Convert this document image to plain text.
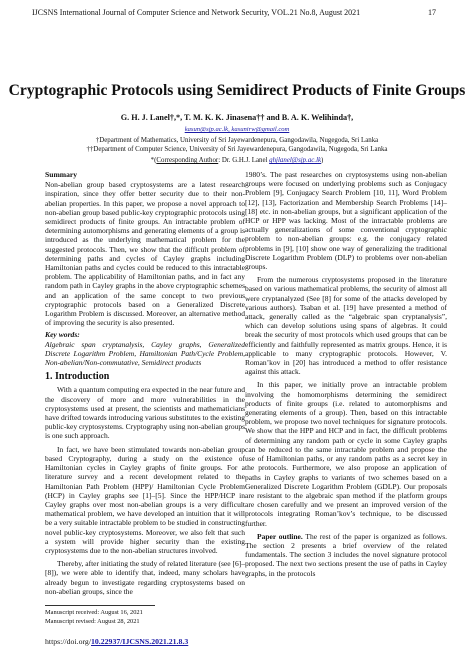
IJCSNS International Journal of Computer Science and Network Security, VOL.21 No.8, August 2021	17
Cryptographic Protocols using Semidirect Products of Finite Groups
G. H. J. Lanel†,*, T. M. K. K. Jinasena†† and B. A. K. Welihinda†,
kasun@sjp.ac.lk, kasunirw@gmail.com
†Department of Mathematics, University of Sri Jayewardenepura, Gangodawila, Nugegoda, Sri Lanka
††Department of Computer Science, University of Sri Jayewardenepura, Gangodawila, Nugegoda, Sri Lanka
*(Corresponding Author: Dr. G.H.J. Lanel ghjlanel@sjp.ac.lk)
Summary

Non-abelian group based cryptosystems are a latest research inspiration, since they offer better security due to their non-abelian properties. In this paper, we propose a novel approach to non-abelian group based public-key cryptographic protocols using semidirect products of finite groups. An intractable problem of determining automorphisms and generating elements of a group is introduced as the underlying mathematical problem for the suggested protocols. Then, we show that the difficult problem of determining paths and cycles of Cayley graphs including Hamiltonian paths and cycles could be reduced to this intractable problem. The applicability of Hamiltonian paths, and in fact any random path in Cayley graphs in the above cryptographic schemes and an application of the same concept to two previous cryptographic protocols based on a Generalized Discrete Logarithm Problem is discussed. Moreover, an alternative method of improving the security is also presented.

Key words:

Algebraic span cryptanalysis, Cayley graphs, Generalized Discrete Logarithm Problem, Hamiltonian Path/Cycle Problem, Non-abelian/Non-commutative, Semidirect products

1. Introduction

With a quantum computing era expected in the near future and the discovery of more and more vulnerabilities in the cryptosystems used at present, the scientists and mathematicians have drifted towards introducing various substitutes to the existing public-key cryptosystems. Cryptography using non-abelian groups is one such approach.

In fact, we have been stimulated towards non-abelian group based Cryptography, during a study on the existence of Hamiltonian cycles in Cayley graphs of finite groups. For a literature survey and a recent development related to the Hamiltonian Path Problem (HPP)/ Hamiltonian Cycle Problem (HCP) in Cayley graphs see [1]–[5]. Since the HPP/HCP in Cayley graphs over most non-abelian groups is a very difficult mathematical problem, we have developed an intuition that it will be a very suitable intractable problem to be studied in constructing novel public-key cryptosystems. Moreover, we also felt that such a system will provide higher security than the existing cryptosystems due to the non-abelian structures involved.

Thereby, after initiating the study of related literature (see [6]–[8]), we were able to identify that, indeed, many scholars have already begun to investigate regarding cryptosystems based on non-abelian groups, since the

1980’s. The past researches on cryptosystems using non-abelian groups were focused on underlying problems such as Conjugacy Problem [9], Conjugacy Search Problem [10, 11], Word Problem [12], [13], Factorization and Membership Search Problems [14]–[18] etc. in non-abelian groups, but a significant application of the HCP or HPP was lacking. Most of the intractable problems are actually generalizations of some conventional cryptographic problem to non-abelian groups: e.g. the conjugacy related problems in [9], [10] show one way of generalizing the traditional Discrete Logarithm Problem (DLP) to problems over non-abelian groups.

From the numerous cryptosystems proposed in the literature based on various mathematical problems, the security of almost all were cryptanalyzed (See [8] for some of the attacks developed by various authors). Tsaban et al. [19] have presented a method of attack, generally called as the “algebraic span cryptanalysis”, which can develop solutions using spans of algebras. It could break the security of most protocols which used groups that can be efficiently and faithfully represented as matrix groups. Hence, it is applicable to many cryptographic protocols. However, V. Roman’kov in [20] has introduced a method to offer resistance against this attack.

In this paper, we initially prove an intractable problem involving the homomorphisms determining the semidirect products of finite groups (i.e. related to automorphisms and generating elements of a group). Then, based on this intractable problem, we propose two novel techniques for signature protocols. We show that the HPP and HCP and in fact, the difficult problems of determining any random path or cycle in some Cayley graphs can be reduced to the same intractable problem and propose the use of Hamiltonian paths, or any random paths as a secret key in the protocols. Furthermore, we also propose an application of paths in Cayley graphs to variants of two schemes based on a Generalized Discrete Logarithm Problem (GDLP). Our proposals are resistant to the algebraic span method if the platform groups are chosen carefully and we present an improved version of the protocols integrating Roman’kov’s technique, to be discussed further.

Paper outline. The rest of the paper is organized as follows. The section 2 presents a brief overview of the related fundamentals. The section 3 includes the novel signature protocol proposed. The next two sections present the use of paths in Cayley graphs, in the protocols

Manuscript received: August 16, 2021
Manuscript revised: August 28, 2021
https://doi.org/10.22937/IJCSNS.2021.21.8.3
